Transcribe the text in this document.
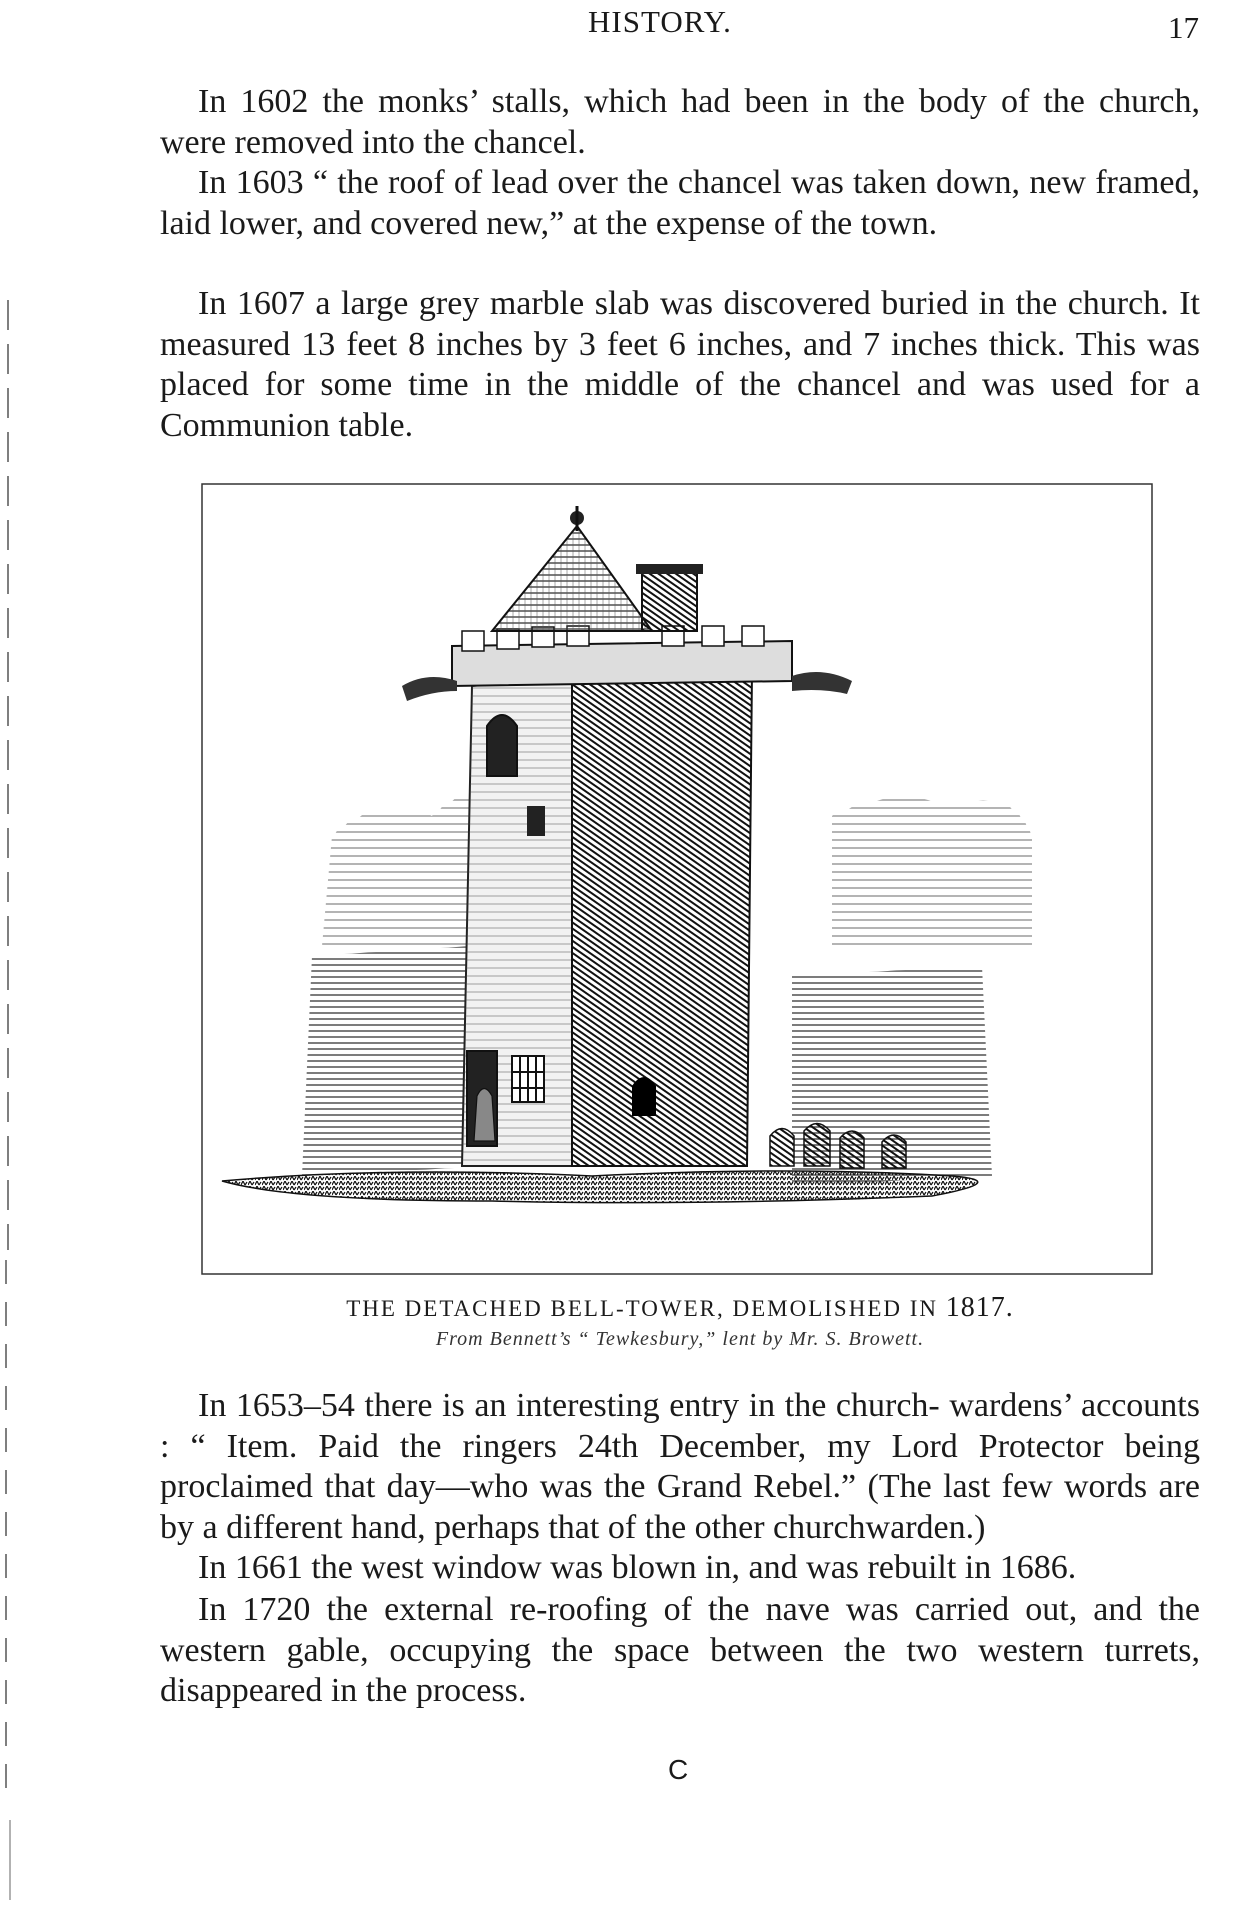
HISTORY.	17

In 1602 the monks’ stalls, which had been in the body of the church, were removed into the chancel.

In 1603 “ the roof of lead over the chancel was taken down, new framed, laid lower, and covered new,” at the expense of the town.

In 1607 a large grey marble slab was discovered buried in the church. It measured 13 feet 8 inches by 3 feet 6 inches, and 7 inches thick. This was placed for some time in the middle of the chancel and was used for a Communion table.

THE DETACHED BELL-TOWER, DEMOLISHED IN 1817.
From Bennett’s “ Tewkesbury,” lent by Mr. S. Browett.

In 1653–54 there is an interesting entry in the church- wardens’ accounts : “ Item. Paid the ringers 24th December, my Lord Protector being proclaimed that day—who was the Grand Rebel.” (The last few words are by a different hand, perhaps that of the other churchwarden.)

In 1661 the west window was blown in, and was rebuilt in 1686.

In 1720 the external re-roofing of the nave was carried out, and the western gable, occupying the space between the two western turrets, disappeared in the process.

C
